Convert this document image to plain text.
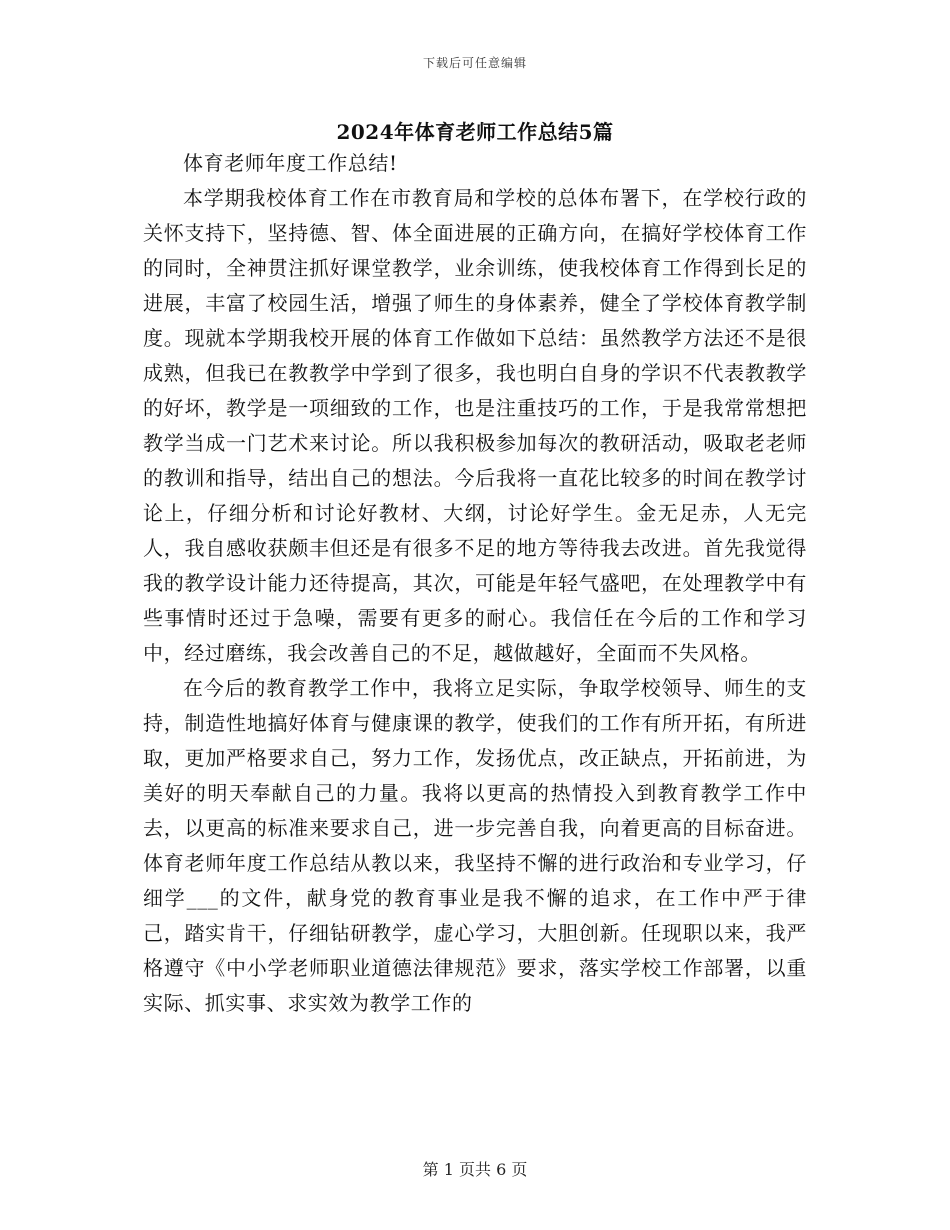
下载后可任意编辑
2024年体育老师工作总结5篇

体育老师年度工作总结!

本学期我校体育工作在市教育局和学校的总体布署下，在学校行政的关怀支持下，坚持德、智、体全面进展的正确方向，在搞好学校体育工作的同时，全神贯注抓好课堂教学，业余训练，使我校体育工作得到长足的进展，丰富了校园生活，增强了师生的身体素养，健全了学校体育教学制度。现就本学期我校开展的体育工作做如下总结：虽然教学方法还不是很成熟，但我已在教教学中学到了很多，我也明白自身的学识不代表教教学的好坏，教学是一项细致的工作，也是注重技巧的工作，于是我常常想把教学当成一门艺术来讨论。所以我积极参加每次的教研活动，吸取老老师的教训和指导，结出自己的想法。今后我将一直花比较多的时间在教学讨论上，仔细分析和讨论好教材、大纲，讨论好学生。金无足赤，人无完人，我自感收获颇丰但还是有很多不足的地方等待我去改进。首先我觉得我的教学设计能力还待提高，其次，可能是年轻气盛吧，在处理教学中有些事情时还过于急噪，需要有更多的耐心。我信任在今后的工作和学习中，经过磨练，我会改善自己的不足，越做越好，全面而不失风格。

在今后的教育教学工作中，我将立足实际，争取学校领导、师生的支持，制造性地搞好体育与健康课的教学，使我们的工作有所开拓，有所进取，更加严格要求自己，努力工作，发扬优点，改正缺点，开拓前进，为美好的明天奉献自己的力量。我将以更高的热情投入到教育教学工作中去，以更高的标准来要求自己，进一步完善自我，向着更高的目标奋进。体育老师年度工作总结从教以来，我坚持不懈的进行政治和专业学习，仔细学___的文件，献身党的教育事业是我不懈的追求，在工作中严于律己，踏实肯干，仔细钻研教学，虚心学习，大胆创新。任现职以来，我严格遵守《中小学老师职业道德法律规范》要求，落实学校工作部署，以重实际、抓实事、求实效为教学工作的

第 1 页共 6 页
